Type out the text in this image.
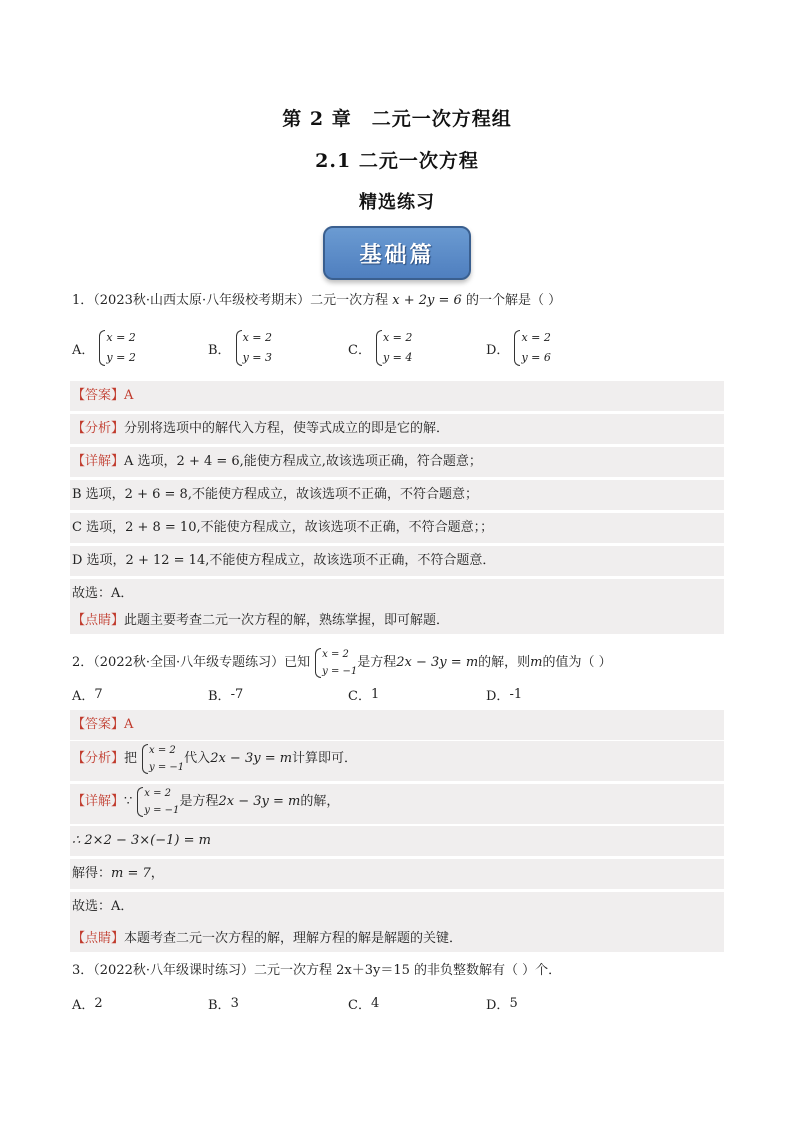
第 2 章　二元一次方程组
2.1 二元一次方程
精选练习
基础篇
1．（2023秋·山西太原·八年级校考期末）二元一次方程 x + 2y = 6 的一个解是（ ）
A．
x = 2
y = 2	B．
x = 2
y = 3	C．
x = 2
y = 4	D．
x = 2
y = 6
【答案】A
【分析】分别将选项中的解代入方程，使等式成立的即是它的解．
【详解】A 选项，2 + 4 = 6,能使方程成立,故该选项正确，符合题意；
B 选项，2 + 6 = 8,不能使方程成立，故该选项不正确，不符合题意；
C 选项，2 + 8 = 10,不能使方程成立，故该选项不正确，不符合题意；；
D 选项，2 + 12 = 14,不能使方程成立，故该选项不正确，不符合题意．
故选：A．
【点睛】此题主要考查二元一次方程的解，熟练掌握，即可解题．
2．（2022秋·全国·八年级专题练习）已知
x = 2
y = −1
是方程 2x − 3y = m 的解，则 m 的值为（ ）
A． 7	B． -7	C． 1	D． -1
【答案】A
【分析】 把
x = 2
y = −1
代入 2x − 3y = m 计算即可．
【详解】 ∵
x = 2
y = −1
是方程 2x − 3y = m 的解，
∴ 2×2 − 3×(−1) = m
解得：m = 7，
故选：A．
【点睛】本题考查二元一次方程的解，理解方程的解是解题的关键．
3．（2022秋·八年级课时练习）二元一次方程 2x＋3y＝15 的非负整数解有（ ）个．
A． 2	B． 3	C． 4	D． 5
